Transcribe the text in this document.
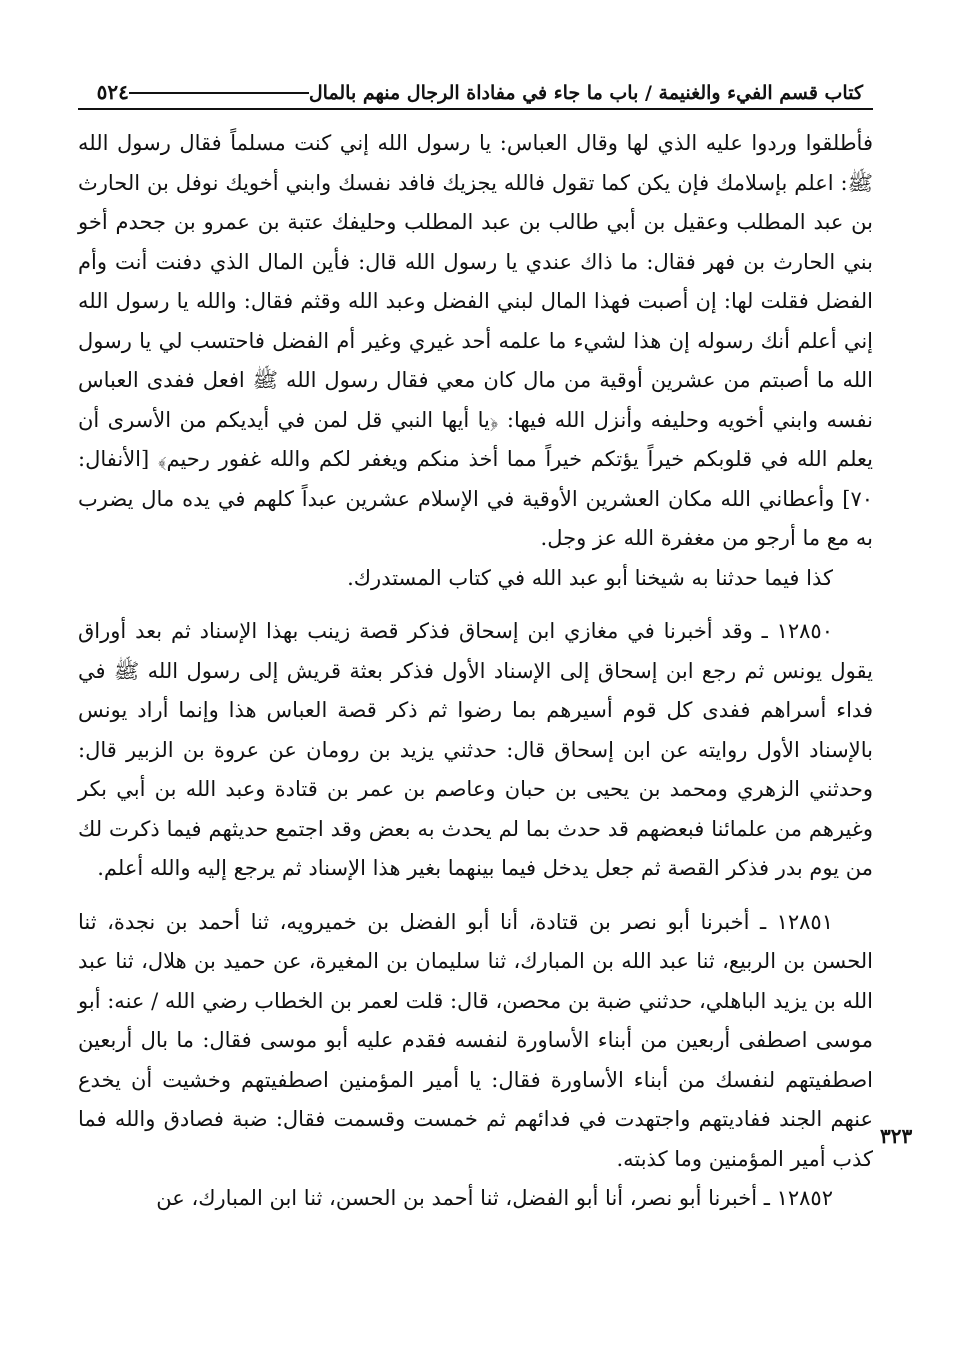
كتاب قسم الفيء والغنيمة / باب ما جاء في مفاداة الرجال منهم بالمال
٥٢٤

فأطلقوا وردوا عليه الذي لها وقال العباس: يا رسول الله إني كنت مسلماً فقال رسول الله ﷺ: اعلم بإسلامك فإن يكن كما تقول فالله يجزيك فافد نفسك وابني أخويك نوفل بن الحارث بن عبد المطلب وعقيل بن أبي طالب بن عبد المطلب وحليفك عتبة بن عمرو بن جحدم أخو بني الحارث بن فهر فقال: ما ذاك عندي يا رسول الله قال: فأين المال الذي دفنت أنت وأم الفضل فقلت لها: إن أصبت فهذا المال لبني الفضل وعبد الله وقثم فقال: والله يا رسول الله إني أعلم أنك رسوله إن هذا لشيء ما علمه أحد غيري وغير أم الفضل فاحتسب لي يا رسول الله ما أصبتم من عشرين أوقية من مال كان معي فقال رسول الله ﷺ افعل ففدى العباس نفسه وابني أخويه وحليفه وأنزل الله فيها: ﴿يا أيها النبي قل لمن في أيديكم من الأسرى أن يعلم الله في قلوبكم خيراً يؤتكم خيراً مما أخذ منكم ويغفر لكم والله غفور رحيم﴾ [الأنفال: ٧٠] وأعطاني الله مكان العشرين الأوقية في الإسلام عشرين عبداً كلهم في يده مال يضرب به مع ما أرجو من مغفرة الله عز وجل.

كذا فيما حدثنا به شيخنا أبو عبد الله في كتاب المستدرك.

١٢٨٥٠ ـ وقد أخبرنا في مغازي ابن إسحاق فذكر قصة زينب بهذا الإسناد ثم بعد أوراق يقول يونس ثم رجع ابن إسحاق إلى الإسناد الأول فذكر بعثة قريش إلى رسول الله ﷺ في فداء أسراهم ففدى كل قوم أسيرهم بما رضوا ثم ذكر قصة العباس هذا وإنما أراد يونس بالإسناد الأول روايته عن ابن إسحاق قال: حدثني يزيد بن رومان عن عروة بن الزبير قال: وحدثني الزهري ومحمد بن يحيى بن حبان وعاصم بن عمر بن قتادة وعبد الله بن أبي بكر وغيرهم من علمائنا فبعضهم قد حدث بما لم يحدث به بعض وقد اجتمع حديثهم فيما ذكرت لك من يوم بدر فذكر القصة ثم جعل يدخل فيما بينهما بغير هذا الإسناد ثم يرجع إليه والله أعلم.

١٢٨٥١ ـ أخبرنا أبو نصر بن قتادة، أنا أبو الفضل بن خميرويه، ثنا أحمد بن نجدة، ثنا الحسن بن الربيع، ثنا عبد الله بن المبارك، ثنا سليمان بن المغيرة، عن حميد بن هلال، ثنا عبد الله بن يزيد الباهلي، حدثني ضبة بن محصن، قال: قلت لعمر بن الخطاب رضي الله / عنه: أبو موسى اصطفى أربعين من أبناء الأساورة لنفسه فقدم عليه أبو موسى فقال: ما بال أربعين اصطفيتهم لنفسك من أبناء الأساورة فقال: يا أمير المؤمنين اصطفيتهم وخشيت أن يخدع عنهم الجند ففاديتهم واجتهدت في فدائهم ثم خمست وقسمت فقال: ضبة فصادق والله فما كذب أمير المؤمنين وما كذبته.

١٢٨٥٢ ـ أخبرنا أبو نصر، أنا أبو الفضل، ثنا أحمد بن الحسن، ثنا ابن المبارك، عن

٣٢٣
